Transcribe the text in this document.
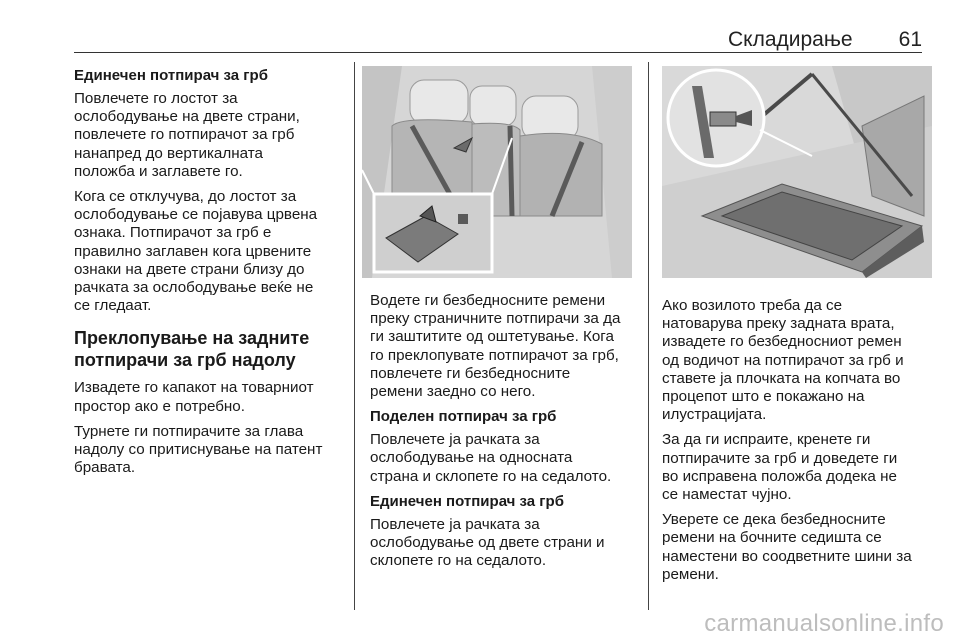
Складирање 61
Единечен потпирач за грб

Повлечете го лостот за
ослободување на двете страни,
повлечете го потпирачот за грб
нанапред до вертикалната
положба и заглавете го.

Кога се отклучува, до лостот за
ослободување се појавува црвена
ознака. Потпирачот за грб е
правилно заглавен кога црвените
ознаки на двете страни близу до
рачката за ослободување веќе не
се гледаат.

Преклопување на задните
потпирачи за грб надолу

Извадете го капакот на товарниот
простор ако е потребно.

Турнете ги потпирачите за глава
надолу со притиснување на патент
бравата.

Водете ги безбедносните ремени
преку страничните потпирачи за да
ги заштитите од оштетување. Кога
го преклопувате потпирачот за грб,
повлечете ги безбедносните
ремени заедно со него.

Поделен потпирач за грб

Повлечете ја рачката за
ослободување на односната
страна и склопете го на седалото.

Единечен потпирач за грб

Повлечете ја рачката за
ослободување од двете страни и
склопете го на седалото.

Ако возилото треба да се
натоварува преку задната врата,
извадете го безбедносниот ремен
од водичот на потпирачот за грб и
ставете ја плочката на копчата во
процепот што е покажано на
илустрацијата.

За да ги испраите, кренете ги
потпирачите за грб и доведете ги
во исправена положба додека не
се наместат чујно.

Уверете се дека безбедносните
ремени на бочните седишта се
наместени во соодветните шини за
ремени.

carmanualsonline.info
